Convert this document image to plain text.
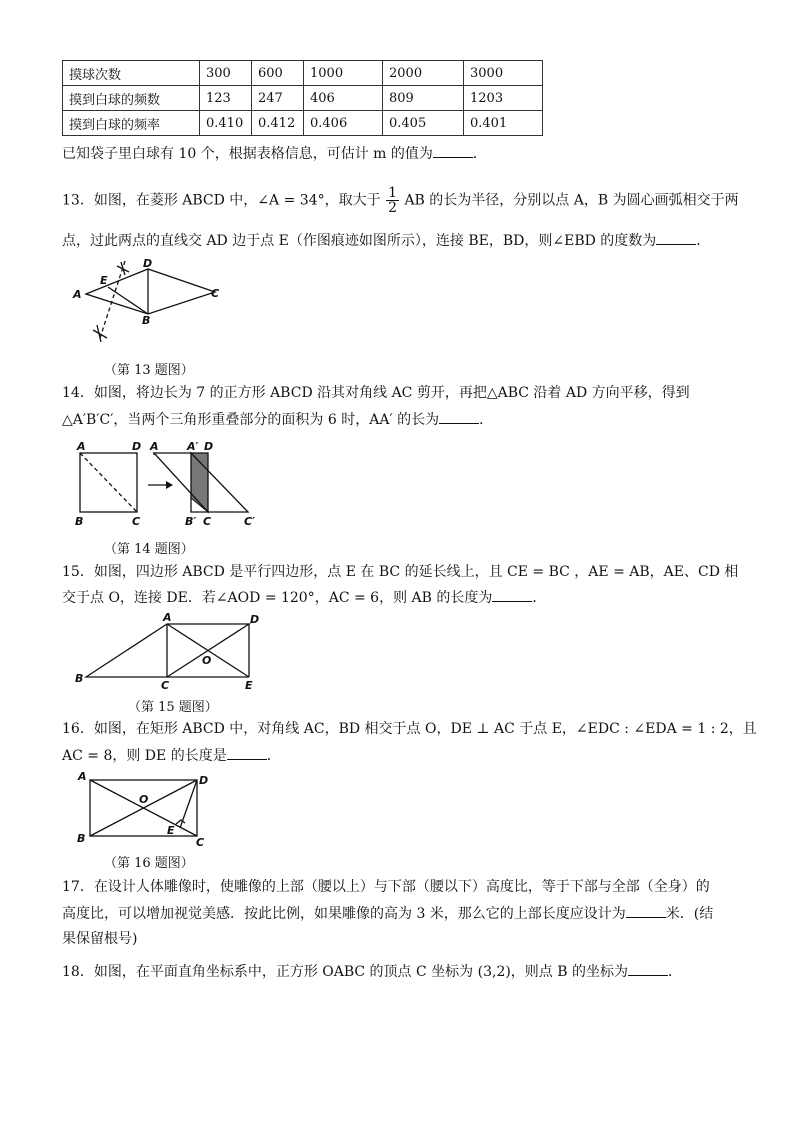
摸球次数	300	600	1000	2000	3000
摸到白球的频数	123	247	406	809	1203
摸到白球的频率	0.410	0.412	0.406	0.405	0.401
已知袋子里白球有 10 个，根据表格信息，可估计 m 的值为	．
13．如图，在菱形 ABCD 中，∠A = 34°，取大于 $\frac{1}{2}$ AB 的长为半径，分别以点 A，B 为圆心画弧相交于两
点，过此两点的直线交 AD 边于点 E（作图痕迹如图所示），连接 BE，BD，则∠EBD 的度数为	．
A
E
D
C
B
（第 13 题图）
14．如图，将边长为 7 的正方形 ABCD 沿其对角线 AC 剪开，再把△ABC 沿着 AD 方向平移，得到
△A′B′C′，当两个三角形重叠部分的面积为 6 时，AA′ 的长为	．
A	D
B	C
A	A′ D
B′ C	C′
（第 14 题图）
15．如图，四边形 ABCD 是平行四边形，点 E 在 BC 的延长线上，且 CE = BC ，AE = AB，AE、CD 相
交于点 O，连接 DE．若∠AOD = 120°，AC = 6，则 AB 的长度为	．
A	D
B
C	E
O
（第 15 题图）
16．如图，在矩形 ABCD 中，对角线 AC，BD 相交于点 O，DE ⊥ AC 于点 E，∠EDC : ∠EDA = 1 : 2，且
AC = 8，则 DE 的长度是	．
A	D
B	C
E
O
（第 16 题图）
17．在设计人体雕像时，使雕像的上部（腰以上）与下部（腰以下）高度比，等于下部与全部（全身）的
高度比，可以增加视觉美感．按此比例，如果雕像的高为 3 米，那么它的上部长度应设计为	米．(结
果保留根号)
18．如图，在平面直角坐标系中，正方形 OABC 的顶点 C 坐标为 (3,2)，则点 B 的坐标为	．
